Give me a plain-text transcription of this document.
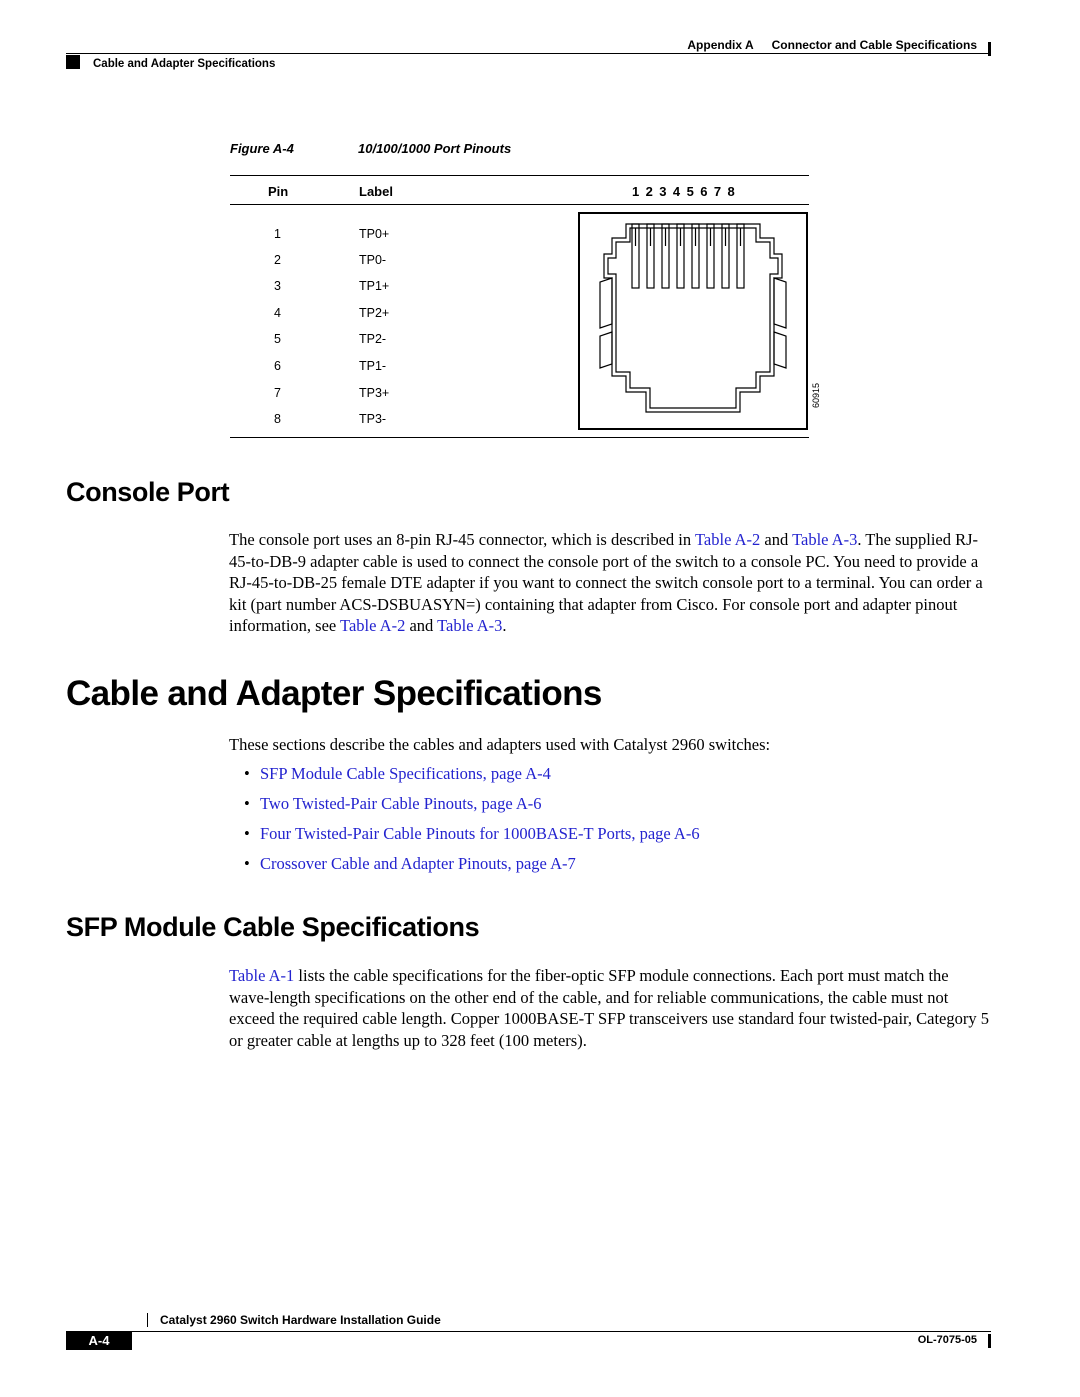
Appendix A Connector and Cable Specifications
Cable and Adapter Specifications
Figure A-4	10/100/1000 Port Pinouts
Pin	Label	1 2 3 4 5 6 7 8
1	TP0+
2	TP0-
3	TP1+
4	TP2+
5	TP2-
6	TP1-
7	TP3+
8	TP3-
60915
Console Port

The console port uses an 8-pin RJ-45 connector, which is described in Table A-2 and Table A-3. The supplied RJ-45-to-DB-9 adapter cable is used to connect the console port of the switch to a console PC. You need to provide a RJ-45-to-DB-25 female DTE adapter if you want to connect the switch console port to a terminal. You can order a kit (part number ACS-DSBUASYN=) containing that adapter from Cisco. For console port and adapter pinout information, see Table A-2 and Table A-3.

Cable and Adapter Specifications

These sections describe the cables and adapters used with Catalyst 2960 switches:

• SFP Module Cable Specifications, page A-4
• Two Twisted-Pair Cable Pinouts, page A-6
• Four Twisted-Pair Cable Pinouts for 1000BASE-T Ports, page A-6
• Crossover Cable and Adapter Pinouts, page A-7
SFP Module Cable Specifications

Table A-1 lists the cable specifications for the fiber-optic SFP module connections. Each port must match the wave-length specifications on the other end of the cable, and for reliable communications, the cable must not exceed the required cable length. Copper 1000BASE-T SFP transceivers use standard four twisted-pair, Category 5 or greater cable at lengths up to 328 feet (100 meters).

Catalyst 2960 Switch Hardware Installation Guide
A-4	OL-7075-05
